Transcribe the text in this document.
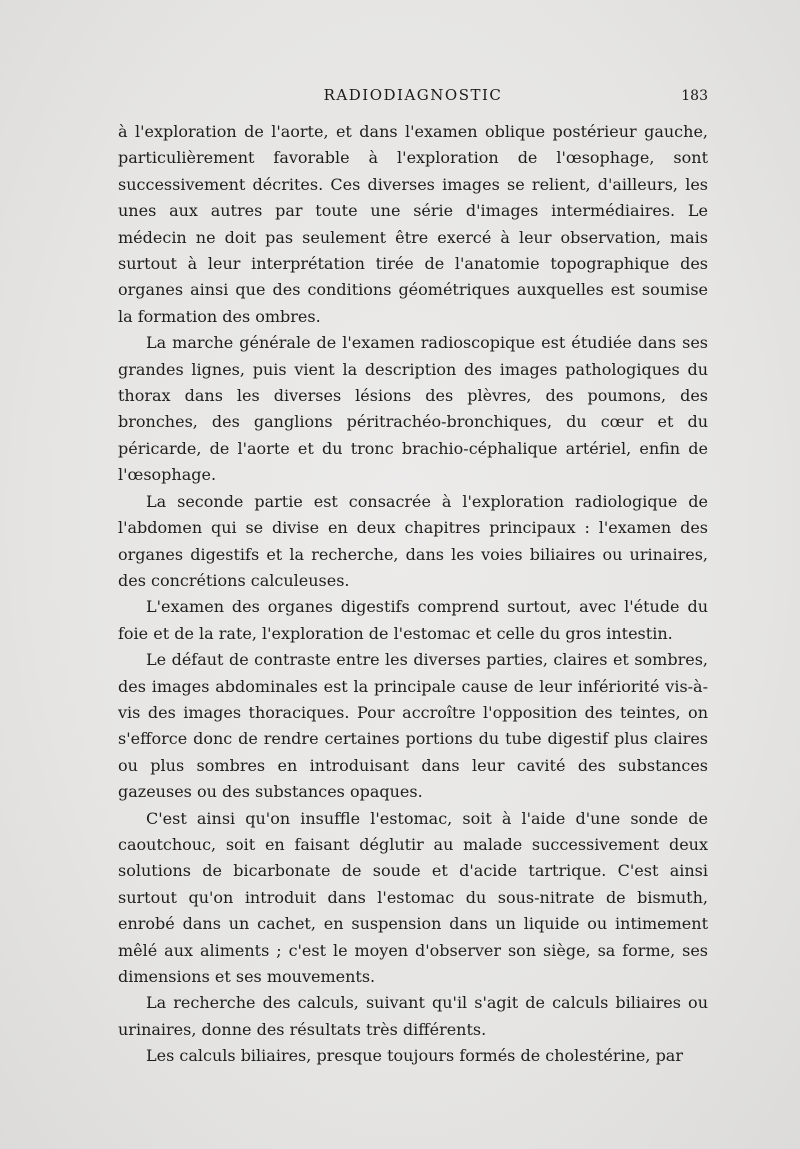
RADIODIAGNOSTIC	183

à l'exploration de l'aorte, et dans l'examen oblique postérieur gauche, particulièrement favorable à l'exploration de l'œsophage, sont successivement décrites. Ces diverses images se relient, d'ailleurs, les unes aux autres par toute une série d'images intermédiaires. Le médecin ne doit pas seulement être exercé à leur observation, mais surtout à leur interprétation tirée de l'anatomie topographique des organes ainsi que des conditions géométriques auxquelles est soumise la formation des ombres.

La marche générale de l'examen radioscopique est étudiée dans ses grandes lignes, puis vient la description des images pathologiques du thorax dans les diverses lésions des plèvres, des poumons, des bronches, des ganglions péritrachéo-bronchiques, du cœur et du péricarde, de l'aorte et du tronc brachio-céphalique artériel, enfin de l'œsophage.

La seconde partie est consacrée à l'exploration radiologique de l'abdomen qui se divise en deux chapitres principaux : l'examen des organes digestifs et la recherche, dans les voies biliaires ou urinaires, des concrétions calculeuses.

L'examen des organes digestifs comprend surtout, avec l'étude du foie et de la rate, l'exploration de l'estomac et celle du gros intestin.

Le défaut de contraste entre les diverses parties, claires et sombres, des images abdominales est la principale cause de leur infériorité vis-à-vis des images thoraciques. Pour accroître l'opposition des teintes, on s'efforce donc de rendre certaines portions du tube digestif plus claires ou plus sombres en introduisant dans leur cavité des substances gazeuses ou des substances opaques.

C'est ainsi qu'on insuffle l'estomac, soit à l'aide d'une sonde de caoutchouc, soit en faisant déglutir au malade successivement deux solutions de bicarbonate de soude et d'acide tartrique. C'est ainsi surtout qu'on introduit dans l'estomac du sous-nitrate de bismuth, enrobé dans un cachet, en suspension dans un liquide ou intimement mêlé aux aliments ; c'est le moyen d'observer son siège, sa forme, ses dimensions et ses mouvements.

La recherche des calculs, suivant qu'il s'agit de calculs biliaires ou urinaires, donne des résultats très différents.

Les calculs biliaires, presque toujours formés de cholestérine, par
